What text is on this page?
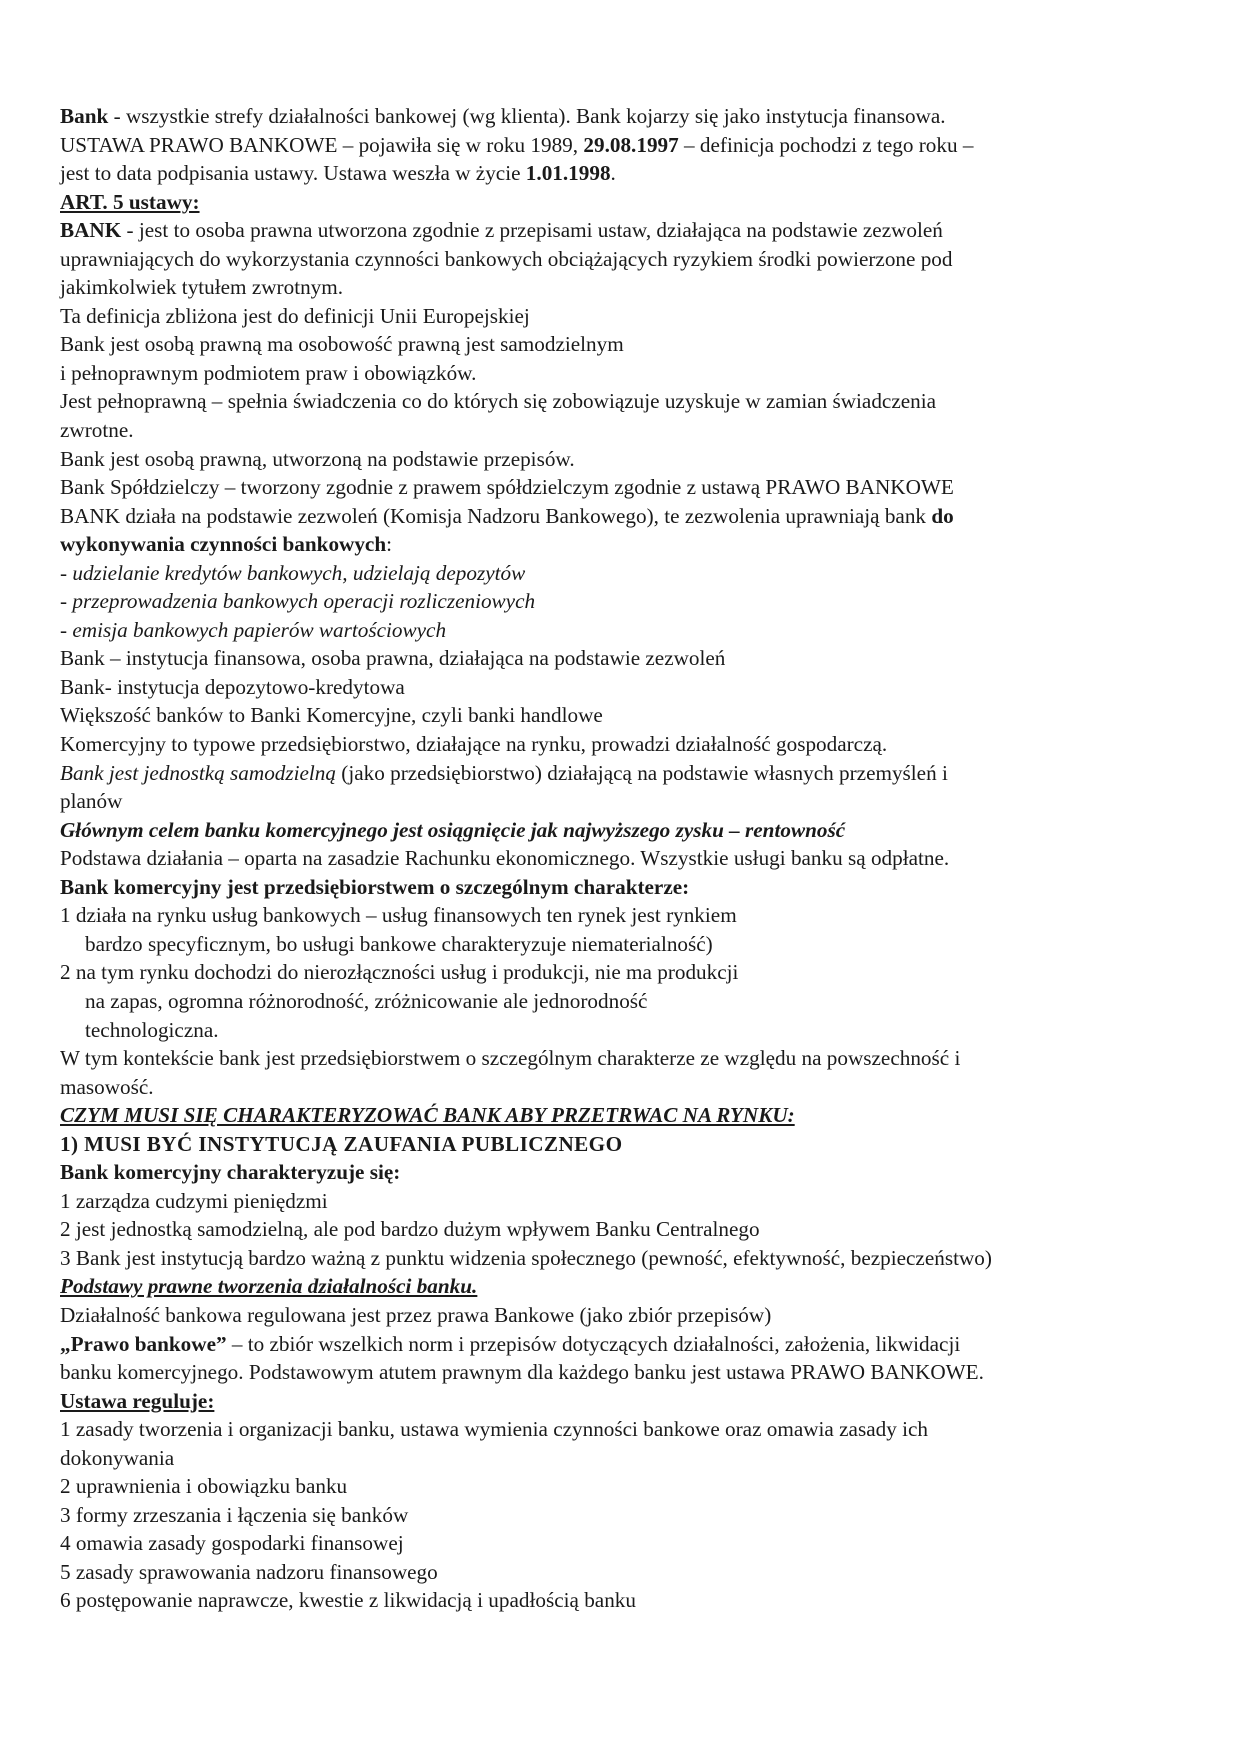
Bank - wszystkie strefy działalności bankowej (wg klienta). Bank kojarzy się jako instytucja finansowa.
USTAWA PRAWO BANKOWE – pojawiła się w roku 1989, 29.08.1997 – definicja pochodzi z tego roku –
jest to data podpisania ustawy. Ustawa weszła w życie 1.01.1998.
ART. 5 ustawy:
BANK - jest to osoba prawna utworzona zgodnie z przepisami ustaw, działająca na podstawie zezwoleń
uprawniających do wykorzystania czynności bankowych obciążających ryzykiem środki powierzone pod
jakimkolwiek tytułem zwrotnym.
Ta definicja zbliżona jest do definicji Unii Europejskiej
Bank jest osobą prawną ma osobowość prawną jest samodzielnym
i pełnoprawnym podmiotem praw i obowiązków.
Jest pełnoprawną – spełnia świadczenia co do których się zobowiązuje uzyskuje w zamian świadczenia
zwrotne.
Bank jest osobą prawną, utworzoną na podstawie przepisów.
Bank Spółdzielczy – tworzony zgodnie z prawem spółdzielczym zgodnie z ustawą PRAWO BANKOWE
BANK działa na podstawie zezwoleń (Komisja Nadzoru Bankowego), te zezwolenia uprawniają bank do
wykonywania czynności bankowych:
- udzielanie kredytów bankowych, udzielają depozytów
- przeprowadzenia bankowych operacji rozliczeniowych
- emisja bankowych papierów wartościowych
Bank – instytucja finansowa, osoba prawna, działająca na podstawie zezwoleń
Bank- instytucja depozytowo-kredytowa
Większość banków to Banki Komercyjne, czyli banki handlowe
Komercyjny to typowe przedsiębiorstwo, działające na rynku, prowadzi działalność gospodarczą.
Bank jest jednostką samodzielną (jako przedsiębiorstwo) działającą na podstawie własnych przemyśleń i
planów
Głównym celem banku komercyjnego jest osiągnięcie jak najwyższego zysku – rentowność
Podstawa działania – oparta na zasadzie Rachunku ekonomicznego. Wszystkie usługi banku są odpłatne.
Bank komercyjny jest przedsiębiorstwem o szczególnym charakterze:
1 działa na rynku usług bankowych – usług finansowych ten rynek jest rynkiem
bardzo specyficznym, bo usługi bankowe charakteryzuje niematerialność)
2 na tym rynku dochodzi do nierozłączności usług i produkcji, nie ma produkcji
na zapas, ogromna różnorodność, zróżnicowanie ale jednorodność
technologiczna.
W tym kontekście bank jest przedsiębiorstwem o szczególnym charakterze ze względu na powszechność i
masowość.
CZYM MUSI SIĘ CHARAKTERYZOWAĆ BANK ABY PRZETRWAC NA RYNKU:
1) MUSI BYĆ INSTYTUCJĄ ZAUFANIA PUBLICZNEGO
Bank komercyjny charakteryzuje się:
1 zarządza cudzymi pieniędzmi
2 jest jednostką samodzielną, ale pod bardzo dużym wpływem Banku Centralnego
3 Bank jest instytucją bardzo ważną z punktu widzenia społecznego (pewność, efektywność, bezpieczeństwo)
Podstawy prawne tworzenia działalności banku.
Działalność bankowa regulowana jest przez prawa Bankowe (jako zbiór przepisów)
„Prawo bankowe” – to zbiór wszelkich norm i przepisów dotyczących działalności, założenia, likwidacji
banku komercyjnego. Podstawowym atutem prawnym dla każdego banku jest ustawa PRAWO BANKOWE.
Ustawa reguluje:
1 zasady tworzenia i organizacji banku, ustawa wymienia czynności bankowe oraz omawia zasady ich
dokonywania
2 uprawnienia i obowiązku banku
3 formy zrzeszania i łączenia się banków
4 omawia zasady gospodarki finansowej
5 zasady sprawowania nadzoru finansowego
6 postępowanie naprawcze, kwestie z likwidacją i upadłością banku
